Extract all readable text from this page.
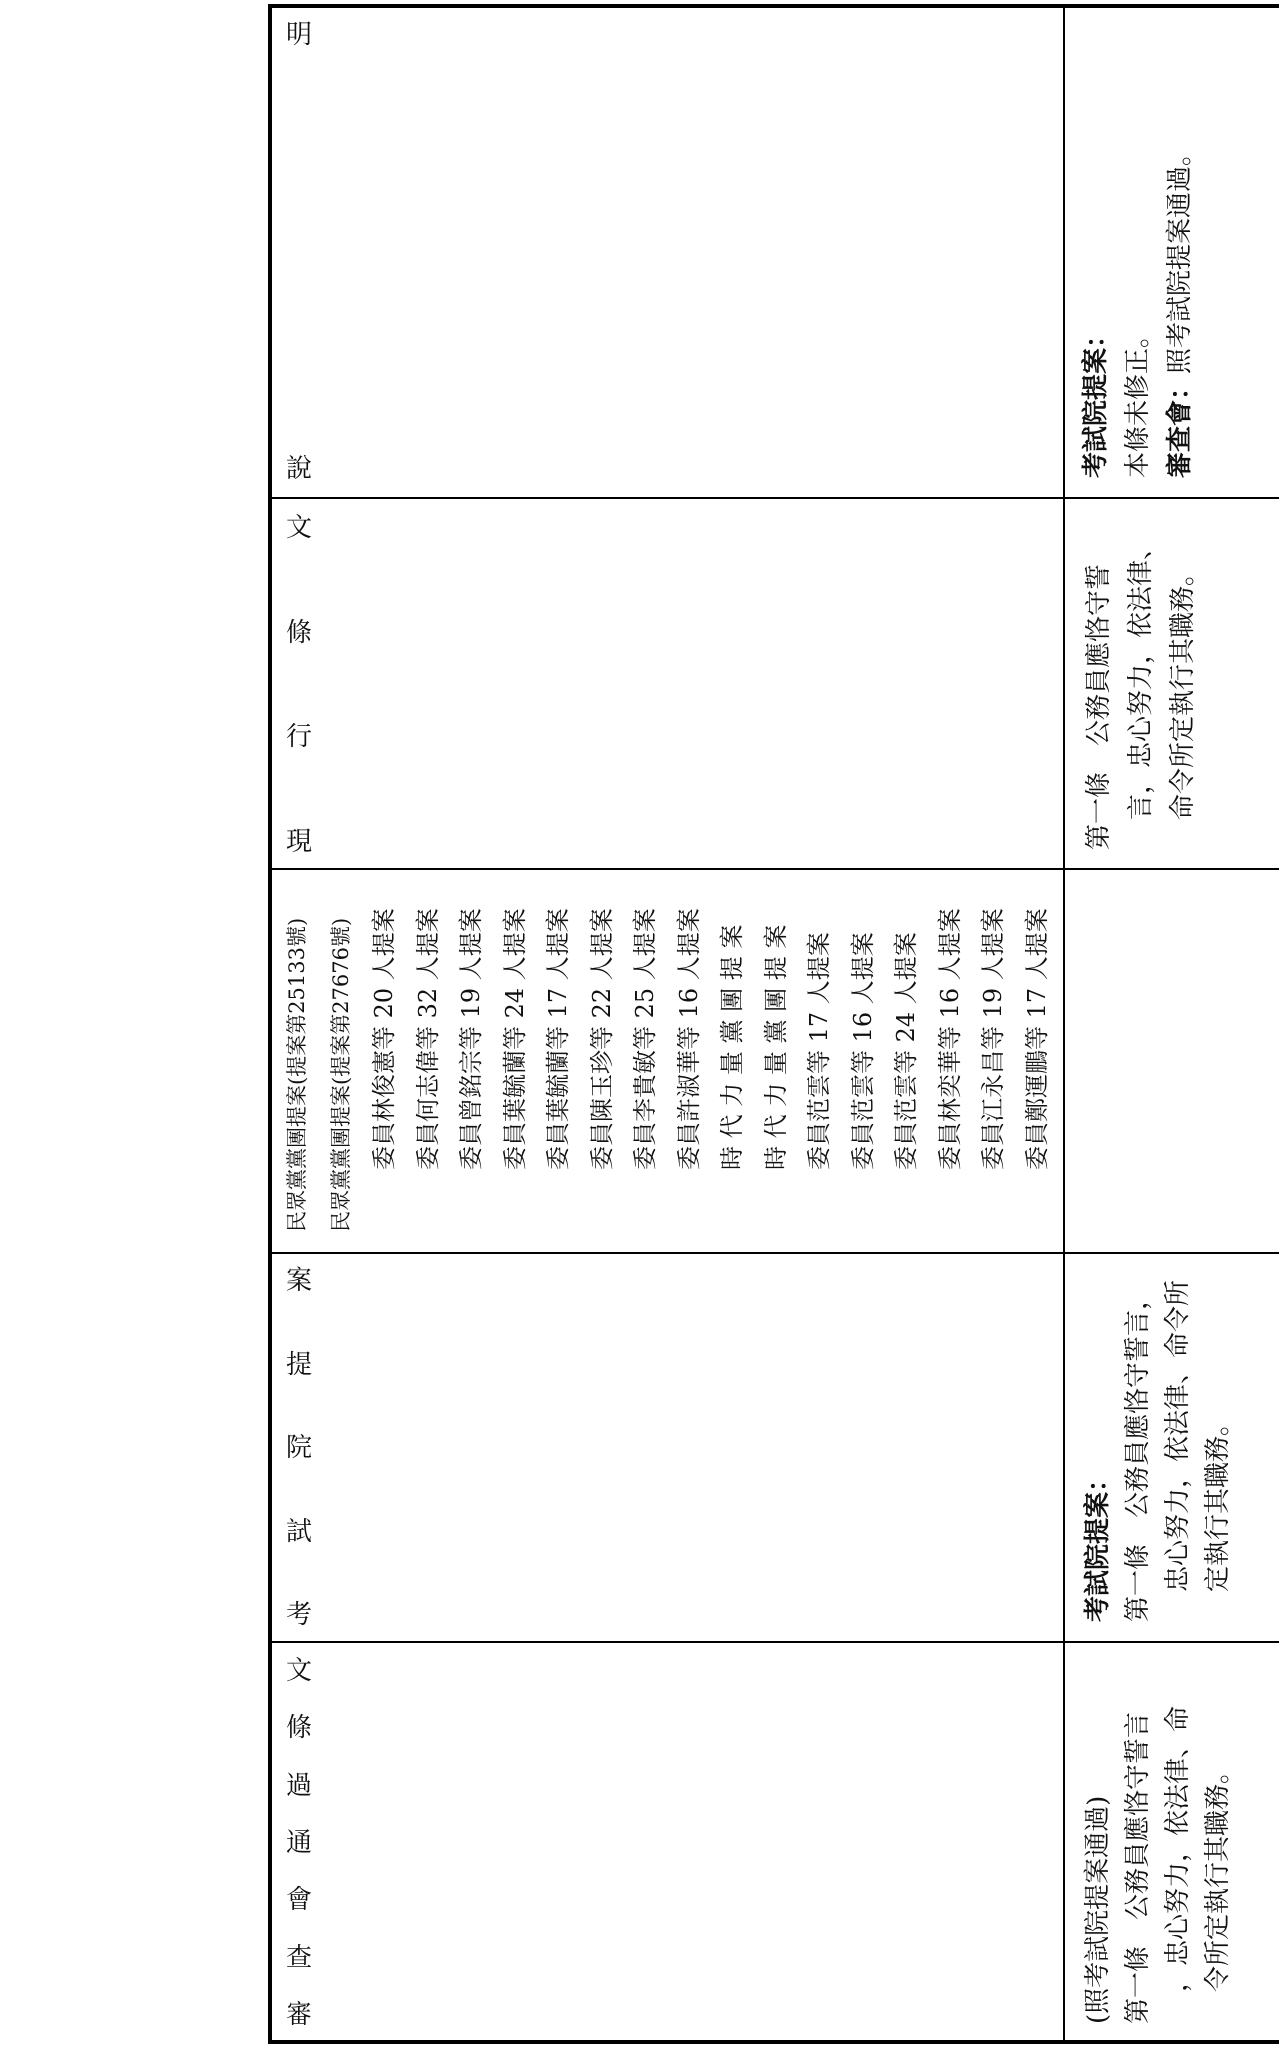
明
說
文
條
行
現
案
提
院
試
考
文
條
過
通
會
查
審
考試院提案： 本條未修正。 審查會：照考試院提案通過。
第一條　公務員應恪守誓 言，忠心努力，依法律、 命令所定執行其職務。
考試院提案： 第一條　公務員應恪守誓言， 忠心努力，依法律、命令所 定執行其職務。
(照考試院提案通過) 第一條　公務員應恪守誓言 ，忠心努力，依法律、命 令所定執行其職務。
民眾黨黨團提案(提案第25133號) 民眾黨黨團提案(提案第27676號) 委員林俊憲等 20 人提案 委員何志偉等 32 人提案 委員曾銘宗等 19 人提案 委員葉毓蘭等 24 人提案 委員葉毓蘭等 17 人提案 委員陳玉珍等 22 人提案 委員李貴敏等 25 人提案 委員許淑華等 16 人提案 時 代 力 量 黨 團 提 案 時 代 力 量 黨 團 提 案 委員范雲等 17 人提案 委員范雲等 16 人提案 委員范雲等 24 人提案 委員林奕華等 16 人提案 委員江永昌等 19 人提案 委員鄭運鵬等 17 人提案
